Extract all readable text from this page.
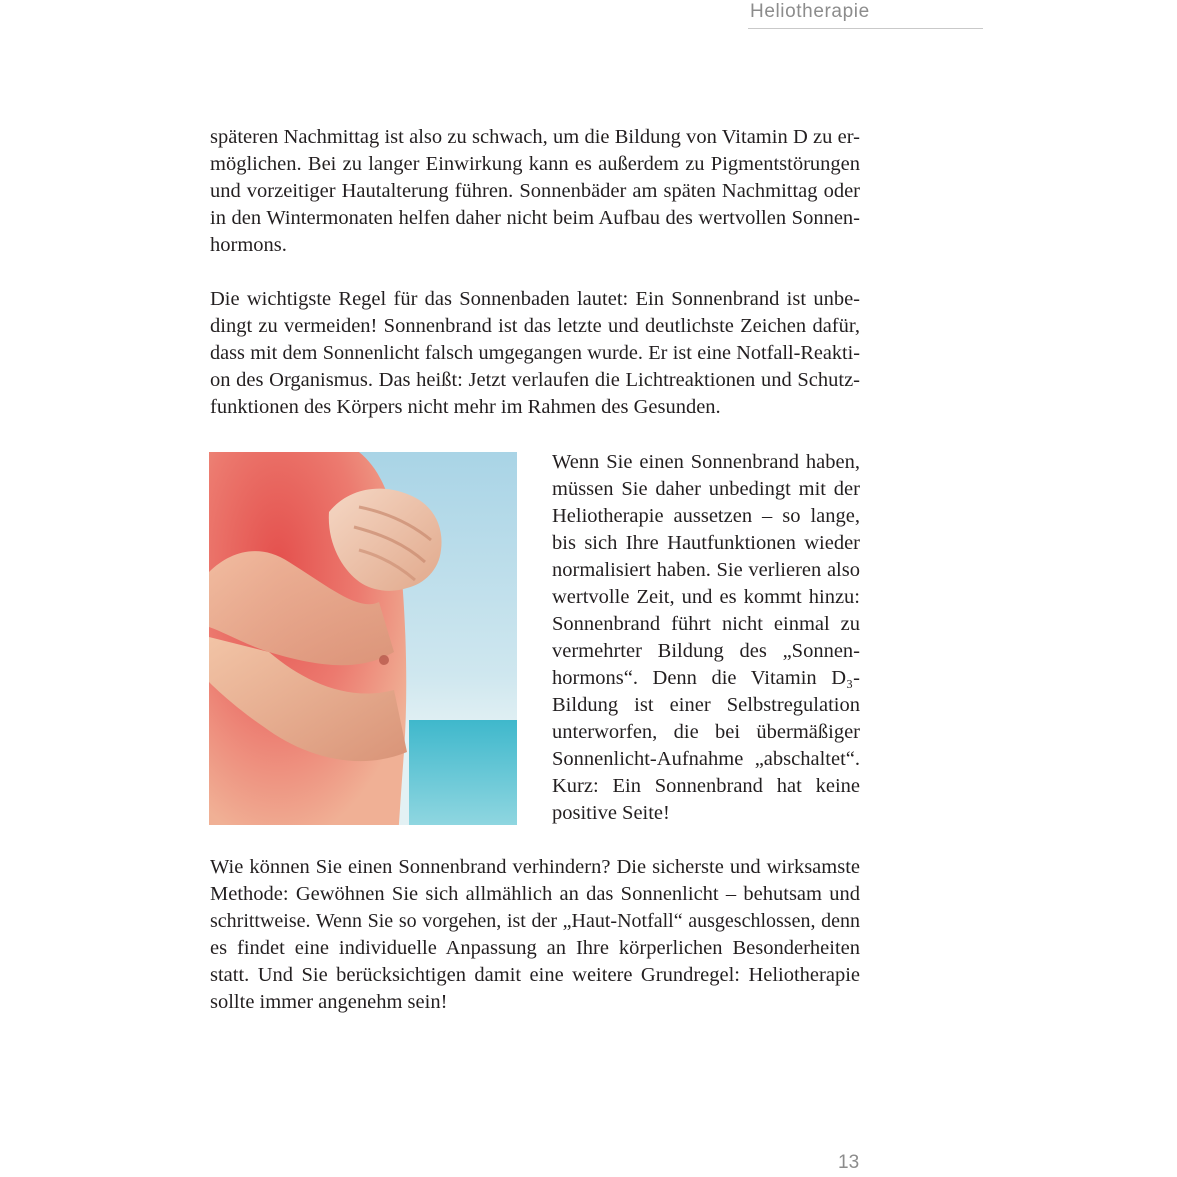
Heliotherapie

späteren Nachmittag ist also zu schwach, um die Bildung von Vitamin D zu er-
möglichen. Bei zu langer Einwirkung kann es außerdem zu Pigmentstörungen
und vorzeitiger Hautalterung führen. Sonnenbäder am späten Nachmittag oder
in den Wintermonaten helfen daher nicht beim Aufbau des wertvollen Sonnen-
hormons.

Die wichtigste Regel für das Sonnenbaden lautet: Ein Sonnenbrand ist unbe-
dingt zu vermeiden! Sonnenbrand ist das letzte und deutlichste Zeichen dafür,
dass mit dem Sonnenlicht falsch umgegangen wurde. Er ist eine Notfall-Reakti-
on des Organismus. Das heißt: Jetzt verlaufen die Lichtreaktionen und Schutz-
funktionen des Körpers nicht mehr im Rahmen des Gesunden.

Wenn Sie einen Sonnenbrand haben,
müssen Sie daher unbedingt mit der
Heliotherapie aussetzen – so lange,
bis sich Ihre Hautfunktionen wieder
normalisiert haben. Sie verlieren also
wertvolle Zeit, und es kommt hinzu:
Sonnenbrand führt nicht einmal zu
vermehrter Bildung des „Sonnen-
hormons“. Denn die Vitamin D₃-
Bildung ist einer Selbstregulation
unterworfen, die bei übermäßiger
Sonnenlicht-Aufnahme „abschaltet“.
Kurz: Ein Sonnenbrand hat keine
positive Seite!

Wie können Sie einen Sonnenbrand verhindern? Die sicherste und wirksamste
Methode: Gewöhnen Sie sich allmählich an das Sonnenlicht – behutsam und
schrittweise. Wenn Sie so vorgehen, ist der „Haut-Notfall“ ausgeschlossen, denn
es findet eine individuelle Anpassung an Ihre körperlichen Besonderheiten
statt. Und Sie berücksichtigen damit eine weitere Grundregel: Heliotherapie
sollte immer angenehm sein!

13
